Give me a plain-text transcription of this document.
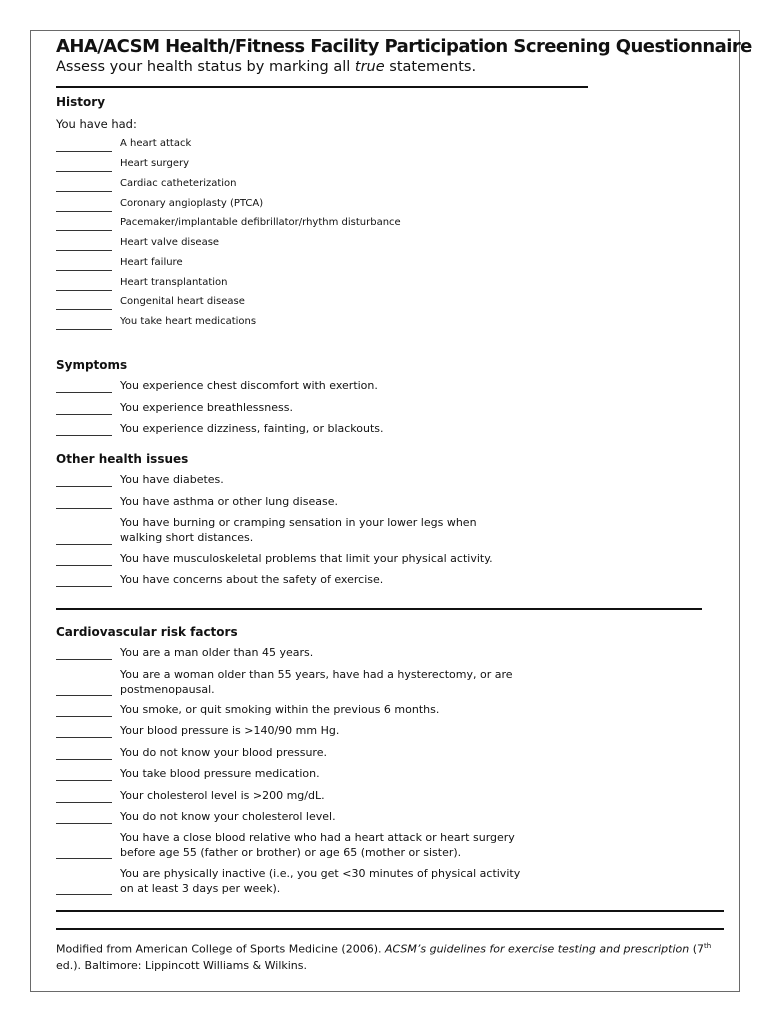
AHA/ACSM Health/Fitness Facility Participation Screening Questionnaire
Assess your health status by marking all true statements.
History
You have had:
A heart attack
Heart surgery
Cardiac catheterization
Coronary angioplasty (PTCA)
Pacemaker/implantable defibrillator/rhythm disturbance
Heart valve disease
Heart failure
Heart transplantation
Congenital heart disease
You take heart medications
Symptoms
You experience chest discomfort with exertion.
You experience breathlessness.
You experience dizziness, fainting, or blackouts.
Other health issues
You have diabetes.
You have asthma or other lung disease.
You have burning or cramping sensation in your lower legs when
walking short distances.
You have musculoskeletal problems that limit your physical activity.
You have concerns about the safety of exercise.
Cardiovascular risk factors
You are a man older than 45 years.
You are a woman older than 55 years, have had a hysterectomy, or are
postmenopausal.
You smoke, or quit smoking within the previous 6 months.
Your blood pressure is >140/90 mm Hg.
You do not know your blood pressure.
You take blood pressure medication.
Your cholesterol level is >200 mg/dL.
You do not know your cholesterol level.
You have a close blood relative who had a heart attack or heart surgery
before age 55 (father or brother) or age 65 (mother or sister).
You are physically inactive (i.e., you get <30 minutes of physical activity
on at least 3 days per week).
Modified from American College of Sports Medicine (2006). ACSM’s guidelines for exercise testing and prescription (7th ed.). Baltimore: Lippincott Williams & Wilkins.
